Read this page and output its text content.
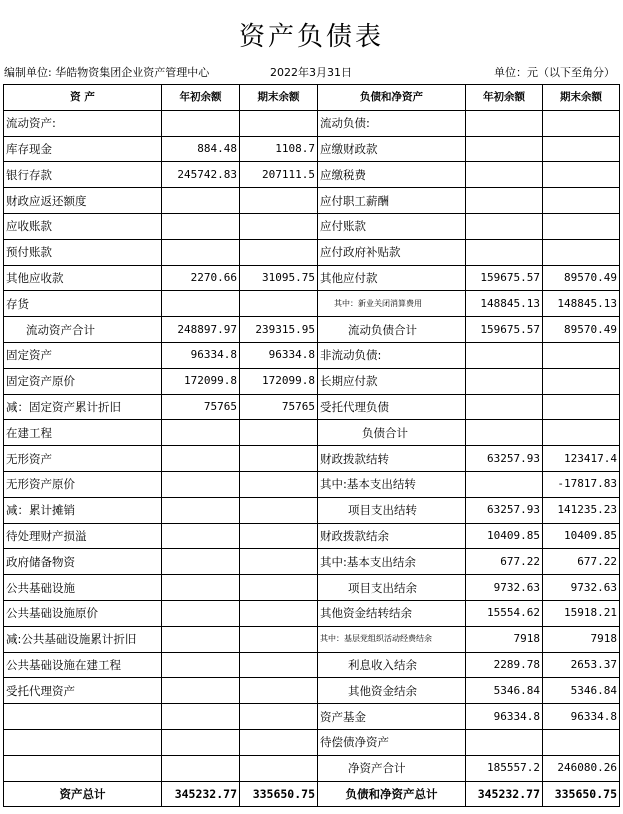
资产负债表
编制单位: 华皓物资集团企业资产管理中心	2022年3月31日	单位：元（以下至角分）
资 产	年初余额	期末余额	负债和净资产	年初余额	期末余额
流动资产:			流动负债:		
库存现金	884.48	1108.7	应缴财政款		
银行存款	245742.83	207111.5	应缴税费		
财政应返还额度			应付职工薪酬		
应收账款			应付账款		
预付账款			应付政府补贴款		
其他应收款	2270.66	31095.75	其他应付款	159675.57	89570.49
存货			其中：新业关闭消算费用	148845.13	148845.13
流动资产合计	248897.97	239315.95	流动负债合计	159675.57	89570.49
固定资产	96334.8	96334.8	非流动负债:		
固定资产原价	172099.8	172099.8	长期应付款		
减：固定资产累计折旧	75765	75765	受托代理负债		
在建工程			负债合计		
无形资产			财政拨款结转	63257.93	123417.4
无形资产原价			其中:基本支出结转		-17817.83
减：累计摊销			项目支出结转	63257.93	141235.23
待处理财产损溢			财政拨款结余	10409.85	10409.85
政府储备物资			其中:基本支出结余	677.22	677.22
公共基础设施			项目支出结余	9732.63	9732.63
公共基础设施原价			其他资金结转结余	15554.62	15918.21
减:公共基础设施累计折旧			其中：基层党组织活动经费结余	7918	7918
公共基础设施在建工程			利息收入结余	2289.78	2653.37
受托代理资产			其他资金结余	5346.84	5346.84
			资产基金	96334.8	96334.8
			待偿债净资产		
			净资产合计	185557.2	246080.26
资产总计	345232.77	335650.75	负债和净资产总计	345232.77	335650.75
